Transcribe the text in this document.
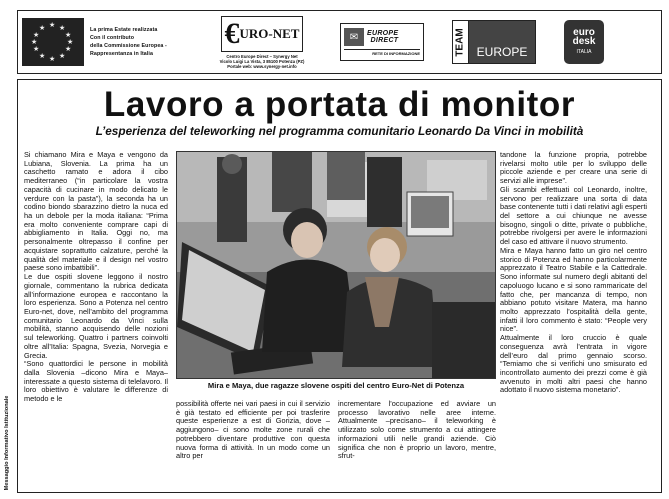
★ ★
★
★
★
★
★
★
★
★
★
★	La prima Estate realizzata
Con il contributo
della Commissione Europea -
Rappresentanza in Italia
€ URO-NET
Centro Europe Direct – Synergy Net
Vicolo Luigi La Vista, 3 85100 Potenza (PZ)
Portale web: www.synergy-net.info
✉	EUROPE
DIRECT
RETE DI INFORMAZIONE	TEAM EUROPE
euro
desk
ITALIA
Lavoro a portata di monitor
L’esperienza del teleworking nel programma comunitario Leonardo Da Vinci in mobilità

Si chiamano Mira e Maya e vengono da Lubiana, Slovenia. La prima ha un caschetto ramato e adora il cibo mediterraneo (“in particolare la vostra capacità di cucinare in modo delicato le verdure con la pasta”), la seconda ha un codino biondo sbarazzino dietro la nuca ed ha un debole per la moda italiana: “Prima era molto conveniente comprare capi di abbigliamento in Italia. Oggi no, ma personalmente oltrepasso il confine per acquistare soprattutto calzature, perché la qualità del materiale e il design nel vostro paese sono imbattibili”.

Le due ospiti slovene leggono il nostro giornale, commentano la rubrica dedicata all’informazione europea e raccontano la loro esperienza. Sono a Potenza nel centro Euro-net, dove, nell’ambito del programma comunitario Leonardo da Vinci sulla mobilità, stanno acquisendo delle nozioni sul teleworking. Quattro i partners coinvolti oltre all’Italia: Spagna, Svezia, Norvegia e Grecia.

“Sono quattordici le persone in mobilità dalla Slovenia –dicono Mira e Maya– interessate a questo sistema di telelavoro. Il loro obiettivo è valutare le differenze di metodo e le

Mira e Maya, due ragazze slovene ospiti del centro Euro-Net di Potenza

possibilità offerte nei vari paesi in cui il servizio è già testato ed efficiente per poi trasferire queste esperienze a est di Gorizia, dove –aggiungono– ci sono molte zone rurali che potrebbero diventare produttive con questa nuova forma di attività. In un modo come un altro per

incrementare l’occupazione ed avviare un processo lavorativo nelle aree interne. Attualmente –precisano– il teleworking è utilizzato solo come strumento a cui attingere informazioni utili nelle grandi aziende. Ciò significa che non è proprio un lavoro, mentre, sfrut-

tandone la funzione propria, potrebbe rivelarsi molto utile per lo sviluppo delle piccole aziende e per creare una serie di servizi alle imprese”.

Gli scambi effettuati col Leonardo, inoltre, servono per realizzare una sorta di data base contenente tutti i dati relativi agli esperti del settore a cui chiunque ne avesse bisogno, singoli o ditte, private o pubbliche, potrebbe rivolgersi per avere le informazioni del caso ed attivare il nuovo strumento.

Mira e Maya hanno fatto un giro nel centro storico di Potenza ed hanno particolarmente apprezzato il Teatro Stabile e la Cattedrale. Sono informate sul numero degli abitanti del capoluogo lucano e si sono rammaricate del fatto che, per mancanza di tempo, non abbiano potuto visitare Matera, ma hanno molto apprezzato l’ospitalità della gente, infatti il loro commento è stato: “People very nice”.

Attualmente il loro cruccio è quale conseguenza avrà l’entrata in vigore dell’euro dal primo gennaio scorso. “Temiamo che si verifichi uno smisurato ed incontrollato aumento dei prezzi come è già avvenuto in molti altri paesi che hanno adottato il nuovo sistema monetario”.

Messaggio Informativo Istituzionale
